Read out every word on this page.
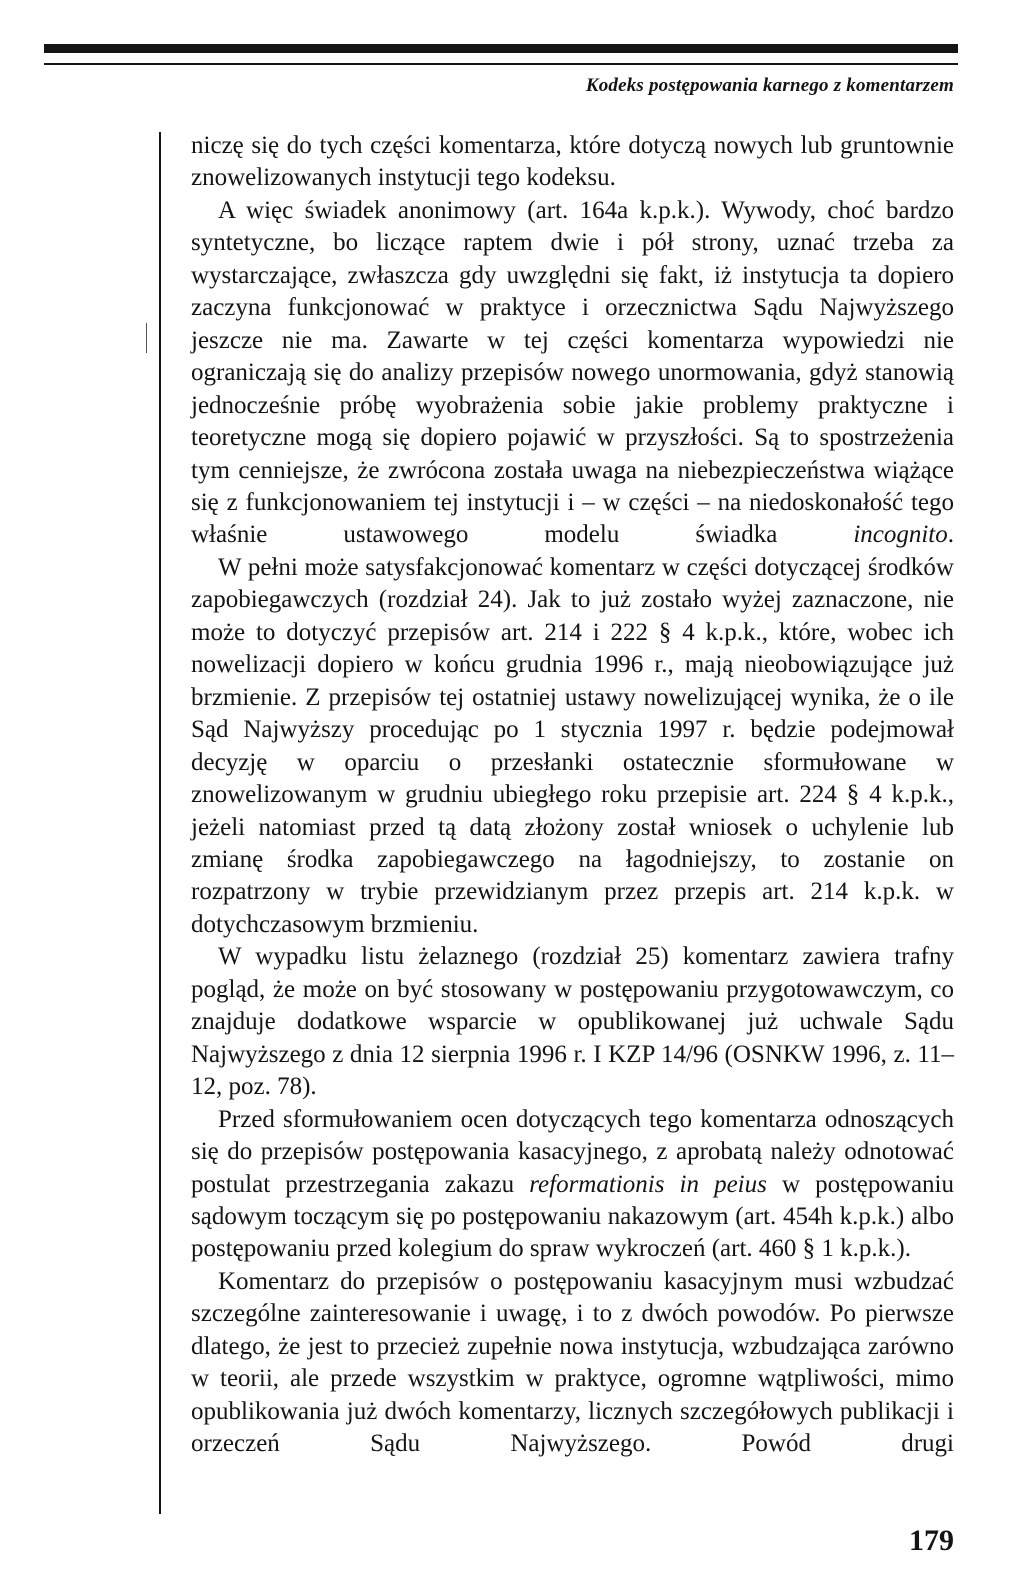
Kodeks postępowania karnego z komentarzem

niczę się do tych części komentarza, które dotyczą nowych lub gruntownie znowelizowanych instytucji tego kodeksu.

A więc świadek anonimowy (art. 164a k.p.k.). Wywody, choć bardzo syntetyczne, bo liczące raptem dwie i pół strony, uznać trzeba za wystarczające, zwłaszcza gdy uwzględni się fakt, iż instytucja ta dopiero zaczyna funkcjonować w praktyce i orzecznictwa Sądu Najwyższego jeszcze nie ma. Zawarte w tej części komentarza wypowiedzi nie ograniczają się do analizy przepisów nowego unormowania, gdyż stanowią jednocześnie próbę wyobrażenia sobie jakie problemy praktyczne i teoretyczne mogą się dopiero pojawić w przyszłości. Są to spostrzeżenia tym cenniejsze, że zwrócona została uwaga na niebezpieczeństwa wiążące się z funkcjonowaniem tej instytucji i – w części – na niedoskonałość tego właśnie ustawowego modelu świadka	incognito.

W pełni może satysfakcjonować komentarz w części dotyczącej środków zapobiegawczych (rozdział 24). Jak to już zostało wyżej zaznaczone, nie może to dotyczyć przepisów art. 214 i 222 § 4 k.p.k., które, wobec ich nowelizacji dopiero w końcu grudnia 1996 r., mają nieobowiązujące już brzmienie. Z przepisów tej ostatniej ustawy nowelizującej wynika, że o ile Sąd Najwyższy procedując po 1 stycznia 1997 r. będzie podejmował decyzję w oparciu o przesłanki ostatecznie sformułowane w znowelizowanym w grudniu ubiegłego roku przepisie art. 224 § 4 k.p.k., jeżeli natomiast przed tą datą złożony został wniosek o uchylenie lub zmianę środka zapobiegawczego na łagodniejszy, to zostanie on rozpatrzony w trybie przewidzianym przez przepis art. 214 k.p.k. w dotychczasowym brzmieniu.

W wypadku listu żelaznego (rozdział 25) komentarz zawiera trafny pogląd, że może on być stosowany w postępowaniu przygotowawczym, co znajduje dodatkowe wsparcie w opublikowanej już uchwale Sądu Najwyższego z dnia 12 sierpnia 1996 r. I KZP 14/96 (OSNKW 1996, z. 11–12, poz. 78).

Przed sformułowaniem ocen dotyczących tego komentarza odnoszących się do przepisów postępowania kasacyjnego, z aprobatą należy odnotować postulat przestrzegania zakazu reformationis in peius w postępowaniu sądowym toczącym się po postępowaniu nakazowym (art. 454h k.p.k.) albo postępowaniu przed kolegium do spraw wykroczeń (art. 460 § 1 k.p.k.).

Komentarz do przepisów o postępowaniu kasacyjnym musi wzbudzać szczególne zainteresowanie i uwagę, i to z dwóch powodów. Po pierwsze dlatego, że jest to przecież zupełnie nowa instytucja, wzbudzająca zarówno w teorii, ale przede wszystkim w praktyce, ogromne wątpliwości, mimo opublikowania już dwóch komentarzy, licznych szczegółowych publikacji i orzeczeń Sądu Najwyższego. Powód drugi

179
